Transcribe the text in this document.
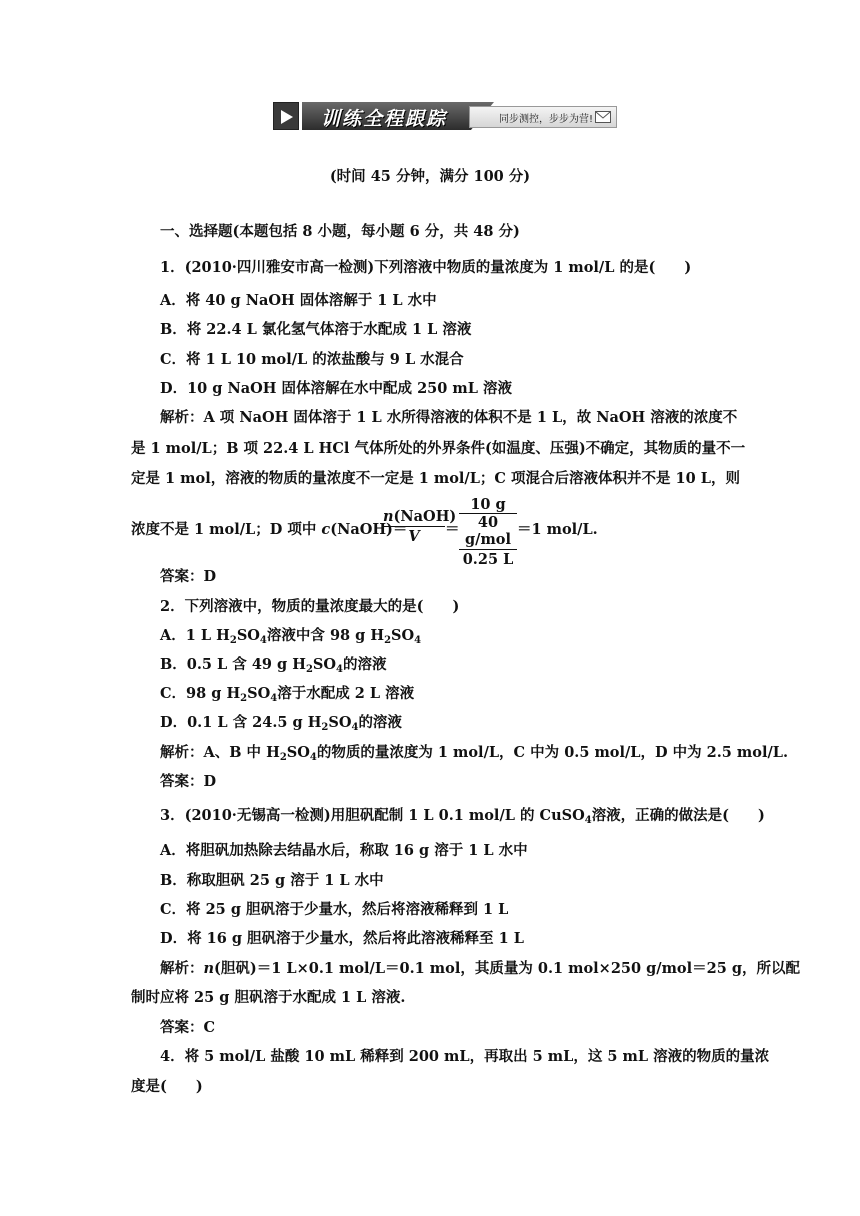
训练全程跟踪	同步测控，步步为营!
(时间 45 分钟，满分 100 分)
一、选择题(本题包括 8 小题，每小题 6 分，共 48 分)
1．(2010·四川雅安市高一检测)下列溶液中物质的量浓度为 1 mol/L 的是(　　)
A．将 40 g NaOH 固体溶解于 1 L 水中
B．将 22.4 L 氯化氢气体溶于水配成 1 L 溶液
C．将 1 L 10 mol/L 的浓盐酸与 9 L 水混合
D．10 g NaOH 固体溶解在水中配成 250 mL 溶液
解析：A 项 NaOH 固体溶于 1 L 水所得溶液的体积不是 1 L，故 NaOH 溶液的浓度不
是 1 mol/L；B 项 22.4 L HCl 气体所处的外界条件(如温度、压强)不确定，其物质的量不一
定是 1 mol，溶液的物质的量浓度不一定是 1 mol/L；C 项混合后溶液体积并不是 10 L，则
浓度不是 1 mol/L；D 项中 c(NaOH)＝
n(NaOH)
V	＝
10 g
40 g/mol
0.25 L
＝1 mol/L.
答案：D
2．下列溶液中，物质的量浓度最大的是(　　)
A．1 L $H_2SO_4$溶液中含 98 g $H_2SO_4$
B．0.5 L 含 49 g $H_2SO_4$的溶液
C．98 g $H_2SO_4$溶于水配成 2 L 溶液
D．0.1 L 含 24.5 g $H_2SO_4$的溶液
解析：A、B 中 $H_2SO_4$的物质的量浓度为 1 mol/L，C 中为 0.5 mol/L，D 中为 2.5 mol/L.
答案：D
3．(2010·无锡高一检测)用胆矾配制 1 L 0.1 mol/L 的 CuSO$_4$溶液，正确的做法是(　　)
A．将胆矾加热除去结晶水后，称取 16 g 溶于 1 L 水中
B．称取胆矾 25 g 溶于 1 L 水中
C．将 25 g 胆矾溶于少量水，然后将溶液稀释到 1 L
D．将 16 g 胆矾溶于少量水，然后将此溶液稀释至 1 L
解析：n(胆矾)＝1 L×0.1 mol/L＝0.1 mol，其质量为 0.1 mol×250 g/mol＝25 g，所以配
制时应将 25 g 胆矾溶于水配成 1 L 溶液.
答案：C
4．将 5 mol/L 盐酸 10 mL 稀释到 200 mL，再取出 5 mL，这 5 mL 溶液的物质的量浓
度是(　　)
